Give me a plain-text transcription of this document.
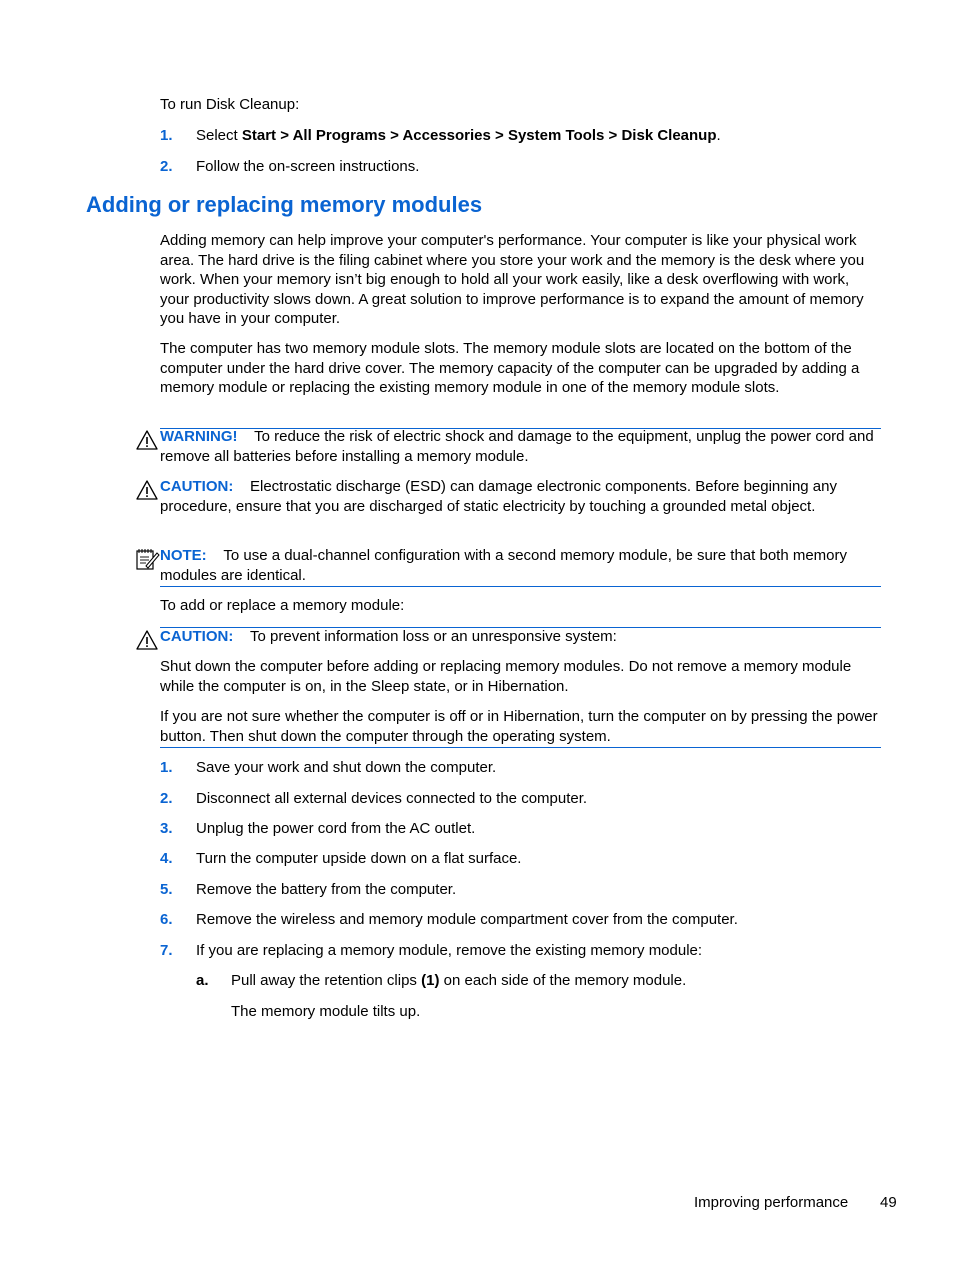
To run Disk Cleanup:
1. Select Start > All Programs > Accessories > System Tools > Disk Cleanup.
2. Follow the on-screen instructions.
Adding or replacing memory modules
Adding memory can help improve your computer's performance. Your computer is like your physical work area. The hard drive is the filing cabinet where you store your work and the memory is the desk where you work. When your memory isn’t big enough to hold all your work easily, like a desk overflowing with work, your productivity slows down. A great solution to improve performance is to expand the amount of memory you have in your computer.
The computer has two memory module slots. The memory module slots are located on the bottom of the computer under the hard drive cover. The memory capacity of the computer can be upgraded by adding a memory module or replacing the existing memory module in one of the memory module slots.
WARNING! To reduce the risk of electric shock and damage to the equipment, unplug the power cord and remove all batteries before installing a memory module.
CAUTION: Electrostatic discharge (ESD) can damage electronic components. Before beginning any procedure, ensure that you are discharged of static electricity by touching a grounded metal object.
NOTE: To use a dual-channel configuration with a second memory module, be sure that both memory modules are identical.
To add or replace a memory module:
CAUTION: To prevent information loss or an unresponsive system:
Shut down the computer before adding or replacing memory modules. Do not remove a memory module while the computer is on, in the Sleep state, or in Hibernation.
If you are not sure whether the computer is off or in Hibernation, turn the computer on by pressing the power button. Then shut down the computer through the operating system.
1. Save your work and shut down the computer.
2. Disconnect all external devices connected to the computer.
3. Unplug the power cord from the AC outlet.
4. Turn the computer upside down on a flat surface.
5. Remove the battery from the computer.
6. Remove the wireless and memory module compartment cover from the computer.
7. If you are replacing a memory module, remove the existing memory module:
a. Pull away the retention clips (1) on each side of the memory module.
The memory module tilts up.
Improving performance 49
